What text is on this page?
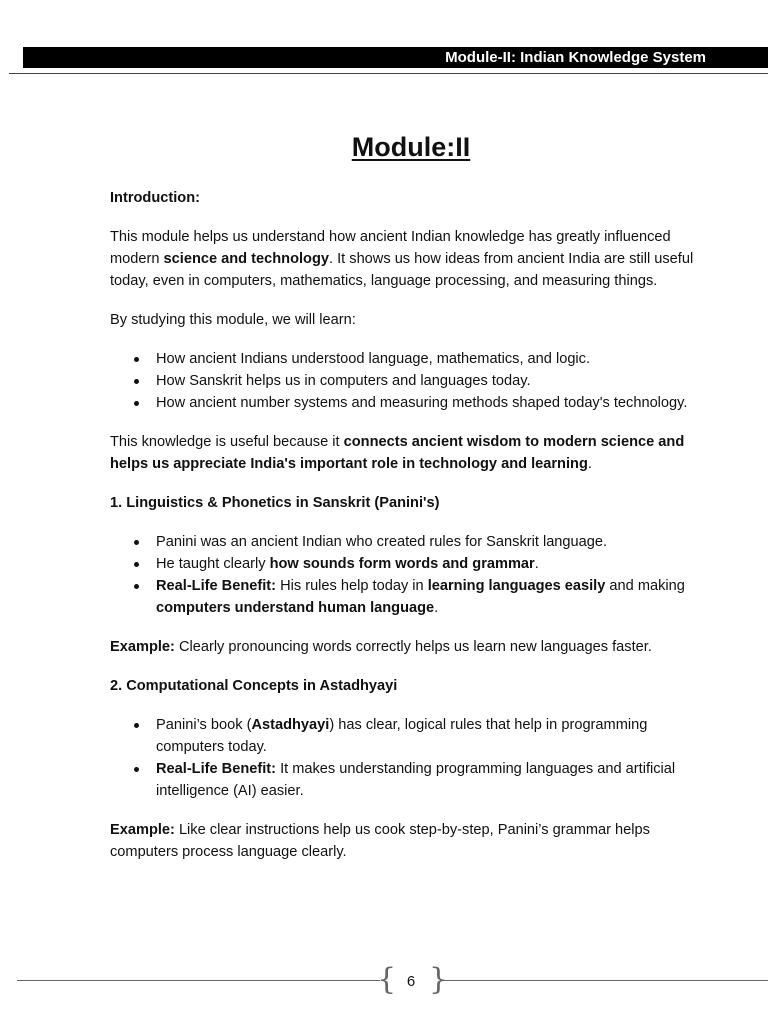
Module-II: Indian Knowledge System
Module:II

Introduction:

This module helps us understand how ancient Indian knowledge has greatly influenced modern science and technology. It shows us how ideas from ancient India are still useful today, even in computers, mathematics, language processing, and measuring things.

By studying this module, we will learn:

How ancient Indians understood language, mathematics, and logic.
How Sanskrit helps us in computers and languages today.
How ancient number systems and measuring methods shaped today's technology.

This knowledge is useful because it connects ancient wisdom to modern science and helps us appreciate India's important role in technology and learning.

1. Linguistics & Phonetics in Sanskrit (Panini's)

Panini was an ancient Indian who created rules for Sanskrit language.
He taught clearly how sounds form words and grammar.
Real-Life Benefit: His rules help today in learning languages easily and making computers understand human language.

Example: Clearly pronouncing words correctly helps us learn new languages faster.

2. Computational Concepts in Astadhyayi

Panini’s book (Astadhyayi) has clear, logical rules that help in programming computers today.
Real-Life Benefit: It makes understanding programming languages and artificial intelligence (AI) easier.

Example: Like clear instructions help us cook step-by-step, Panini’s grammar helps computers process language clearly.

{ 6 }
